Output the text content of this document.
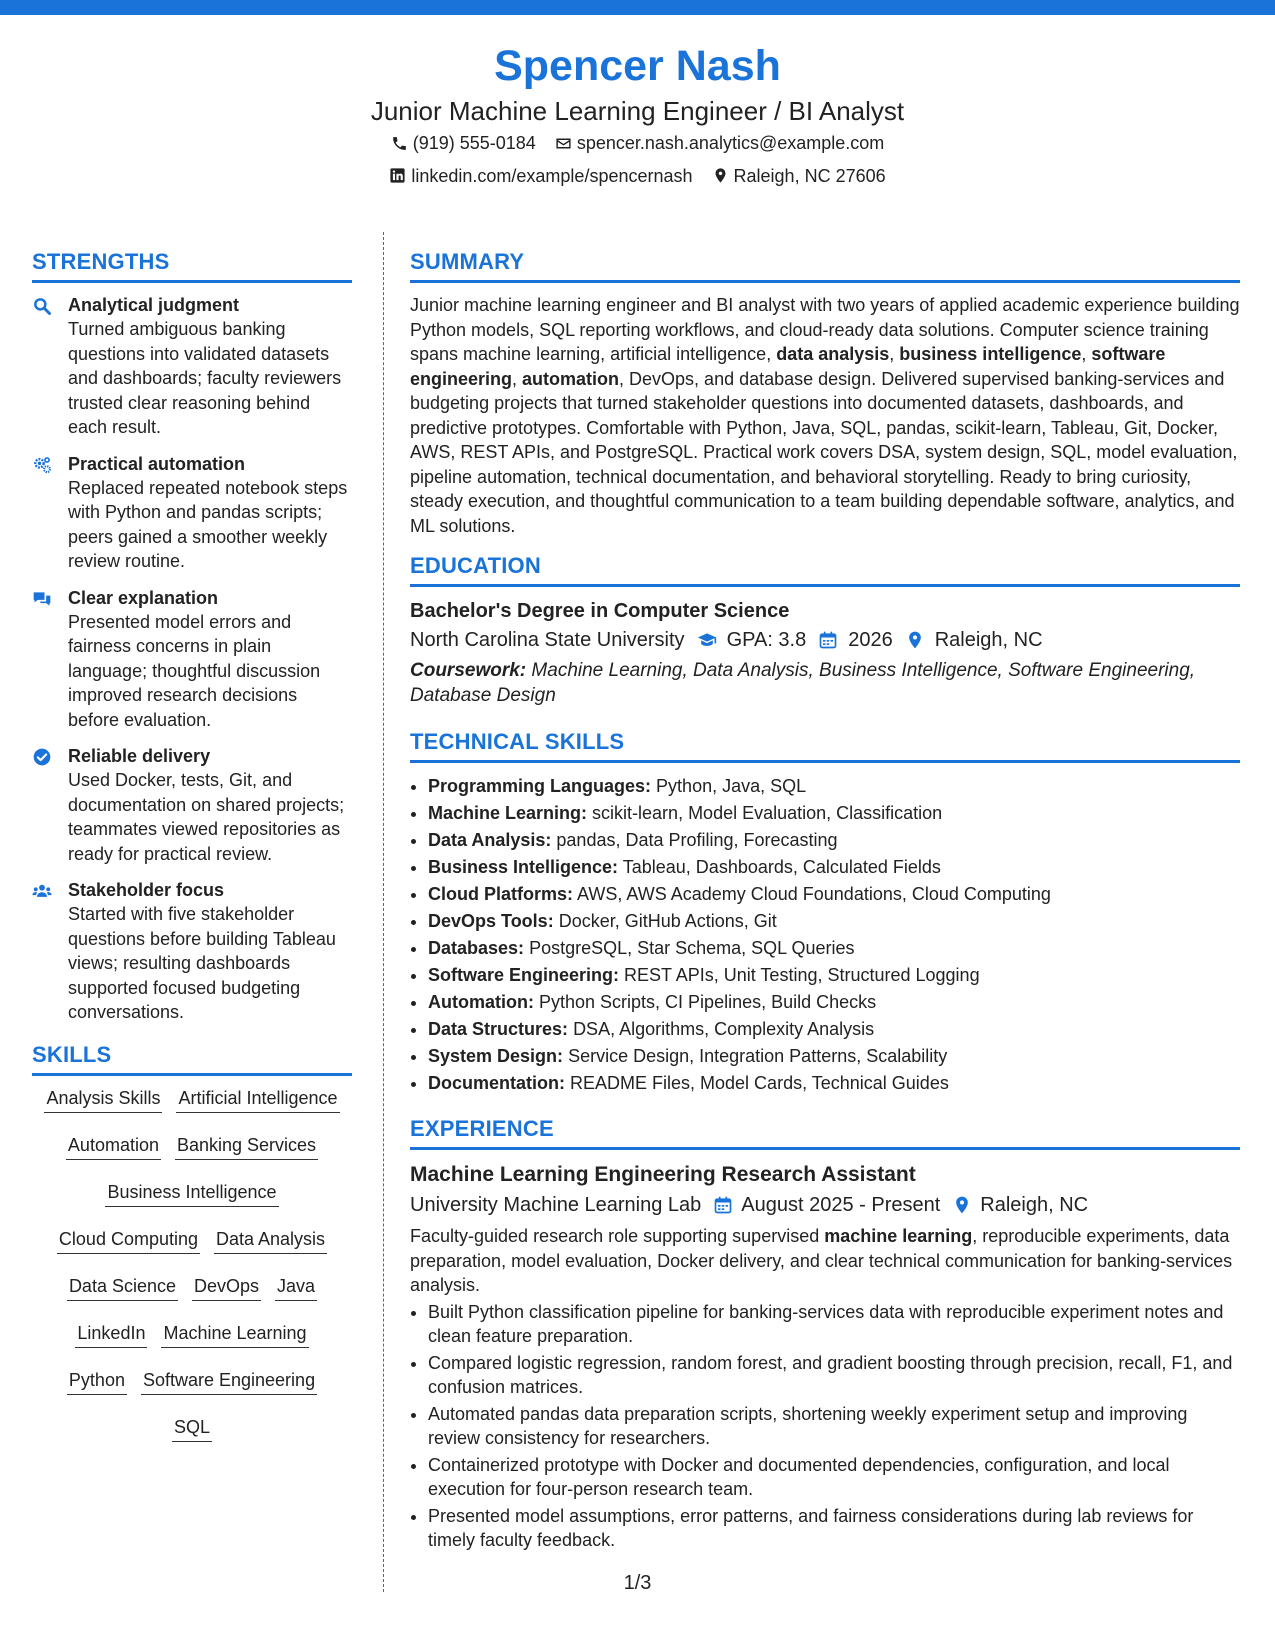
Spencer Nash
Junior Machine Learning Engineer / BI Analyst
(919) 555-0184
spencer.nash.analytics@example.com
linkedin.com/example/spencernash
Raleigh, NC 27606
STRENGTHS
Analytical judgment
Turned ambiguous banking questions into validated datasets and dashboards; faculty reviewers trusted clear reasoning behind each result.
Practical automation
Replaced repeated notebook steps with Python and pandas scripts; peers gained a smoother weekly review routine.
Clear explanation
Presented model errors and fairness concerns in plain language; thoughtful discussion improved research decisions before evaluation.
Reliable delivery
Used Docker, tests, Git, and documentation on shared projects; teammates viewed repositories as ready for practical review.
Stakeholder focus
Started with five stakeholder questions before building Tableau views; resulting dashboards supported focused budgeting conversations.
SKILLS
Analysis Skills Artificial Intelligence
Automation Banking Services
Business Intelligence
Cloud Computing Data Analysis
Data Science DevOps Java
LinkedIn Machine Learning
Python Software Engineering
SQL
SUMMARY
Junior machine learning engineer and BI analyst with two years of applied academic experience building Python models, SQL reporting workflows, and cloud-ready data solutions. Computer science training spans machine learning, artificial intelligence, data analysis, business intelligence, software engineering, automation, DevOps, and database design. Delivered supervised banking-services and budgeting projects that turned stakeholder questions into documented datasets, dashboards, and predictive prototypes. Comfortable with Python, Java, SQL, pandas, scikit-learn, Tableau, Git, Docker, AWS, REST APIs, and PostgreSQL. Practical work covers DSA, system design, SQL, model evaluation, pipeline automation, technical documentation, and behavioral storytelling. Ready to bring curiosity, steady execution, and thoughtful communication to a team building dependable software, analytics, and ML solutions.
EDUCATION
Bachelor's Degree in Computer Science
North Carolina State University GPA: 3.8 2026 Raleigh, NC
Coursework: Machine Learning, Data Analysis, Business Intelligence, Software Engineering, Database Design
TECHNICAL SKILLS
• Programming Languages: Python, Java, SQL
• Machine Learning: scikit-learn, Model Evaluation, Classification
• Data Analysis: pandas, Data Profiling, Forecasting
• Business Intelligence: Tableau, Dashboards, Calculated Fields
• Cloud Platforms: AWS, AWS Academy Cloud Foundations, Cloud Computing
• DevOps Tools: Docker, GitHub Actions, Git
• Databases: PostgreSQL, Star Schema, SQL Queries
• Software Engineering: REST APIs, Unit Testing, Structured Logging
• Automation: Python Scripts, CI Pipelines, Build Checks
• Data Structures: DSA, Algorithms, Complexity Analysis
• System Design: Service Design, Integration Patterns, Scalability
• Documentation: README Files, Model Cards, Technical Guides
EXPERIENCE
Machine Learning Engineering Research Assistant
University Machine Learning Lab August 2025 - Present Raleigh, NC
Faculty-guided research role supporting supervised machine learning, reproducible experiments, data preparation, model evaluation, Docker delivery, and clear technical communication for banking-services analysis.
• Built Python classification pipeline for banking-services data with reproducible experiment notes and clean feature preparation.
• Compared logistic regression, random forest, and gradient boosting through precision, recall, F1, and confusion matrices.
• Automated pandas data preparation scripts, shortening weekly experiment setup and improving review consistency for researchers.
• Containerized prototype with Docker and documented dependencies, configuration, and local execution for four-person research team.
• Presented model assumptions, error patterns, and fairness considerations during lab reviews for timely faculty feedback.
1/3
